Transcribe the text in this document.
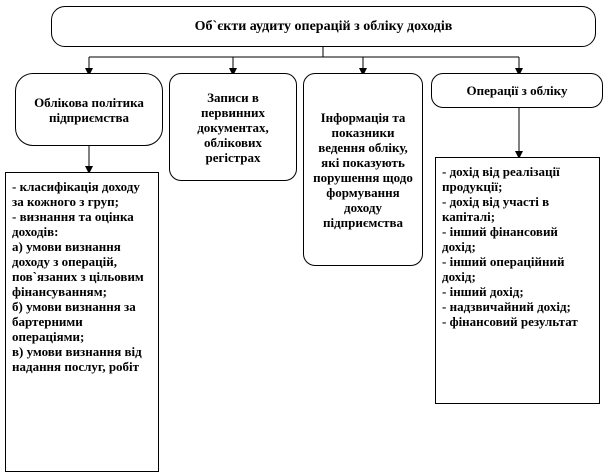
Об`єкти аудиту операцій з обліку доходів
Облікова політика підприємства
Записи в первинних документах, облікових регістрах
Інформація та показники ведення обліку, які показують порушення щодо формування доходу підприємства
Операції з обліку
- класифікація доходу за кожного з груп;
- визнання та оцінка доходів:
а) умови визнання доходу з операцій, пов`язаних з цільовим фінансуванням;
б) умови визнання за бартерними операціями;
в) умови визнання від надання послуг, робіт
- дохід від реалізації продукції;
- дохід від участі в капіталі;
- інший фінансовий дохід;
- інший операційний дохід;
- інший дохід;
- надзвичайний дохід;
- фінансовий результат
